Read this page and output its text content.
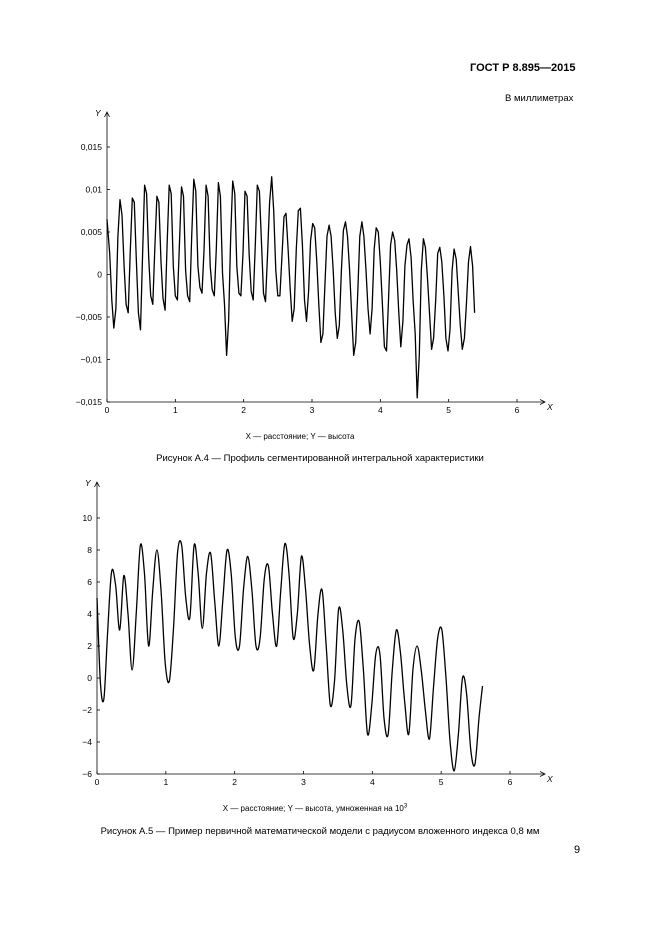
ГОСТ Р 8.895—2015
В миллиметрах
X
Y
0	1	2	3	4	5	6
0,015
0,01
0,005
0
−0,005
−0,01
−0,015
X
Y
0	1	2	3	4	5	6
10
8
6
4
2
0
−2
−4
−6
X — расстояние; Y — высота
Рисунок А.4 — Профиль сегментированной интегральной характеристики
X — расстояние; Y — высота, умноженная на $10^3$
Рисунок А.5 — Пример первичной математической модели с радиусом вложенного индекса 0,8 мм
9
